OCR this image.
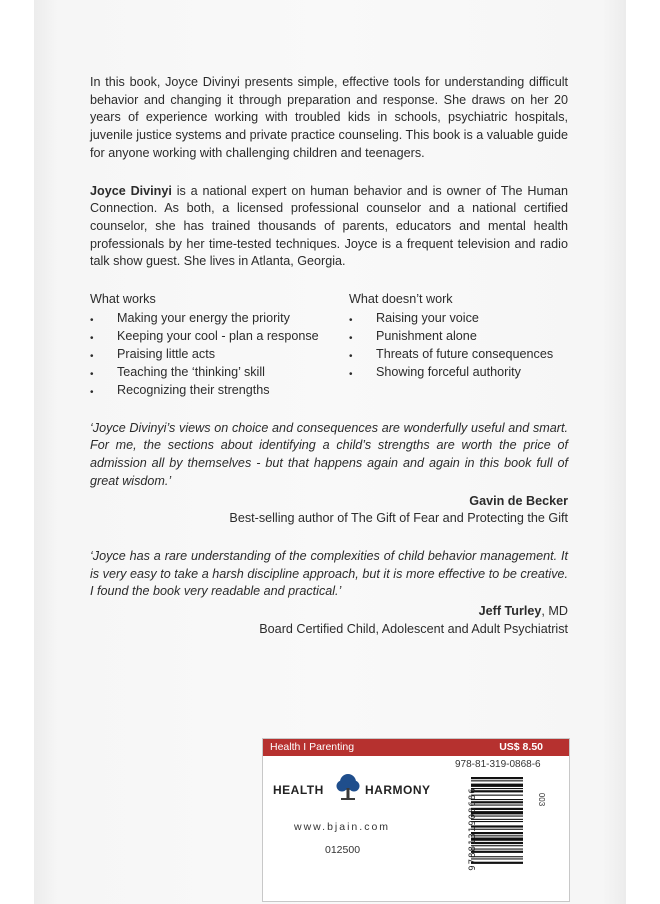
In this book, Joyce Divinyi presents simple, effective tools for understanding difficult behavior and changing it through preparation and response. She draws on her 20 years of experience working with troubled kids in schools, psychiatric hospitals, juvenile justice systems and private practice counseling. This book is a valuable guide for anyone working with challenging children and teenagers.

Joyce Divinyi is a national expert on human behavior and is owner of The Human Connection. As both, a licensed professional counselor and a national certified counselor, she has trained thousands of parents, educators and mental health professionals by her time-tested techniques. Joyce is a frequent television and radio talk show guest. She lives in Atlanta, Georgia.

What works
• Making your energy the priority
• Keeping your cool - plan a response
• Praising little acts
• Teaching the ‘thinking’ skill
• Recognizing their strengths
What doesn’t work
• Raising your voice
• Punishment alone
• Threats of future consequences
• Showing forceful authority

‘Joyce Divinyi’s views on choice and consequences are wonderfully useful and smart. For me, the sections about identifying a child’s strengths are worth the price of admission all by themselves - but that happens again and again in this book full of great wisdom.’

Gavin de Becker
Best-selling author of The Gift of Fear and Protecting the Gift

‘Joyce has a rare understanding of the complexities of child behavior management. It is very easy to take a harsh discipline approach, but it is more effective to be creative. I found the book very readable and practical.’

Jeff Turley, MD
Board Certified Child, Adolescent and Adult Psychiatrist
Health I Parenting	US$ 8.50
HEALTH	HARMONY
www.bjain.com
012500
978-81-319-0868-6
9788131908686	003
